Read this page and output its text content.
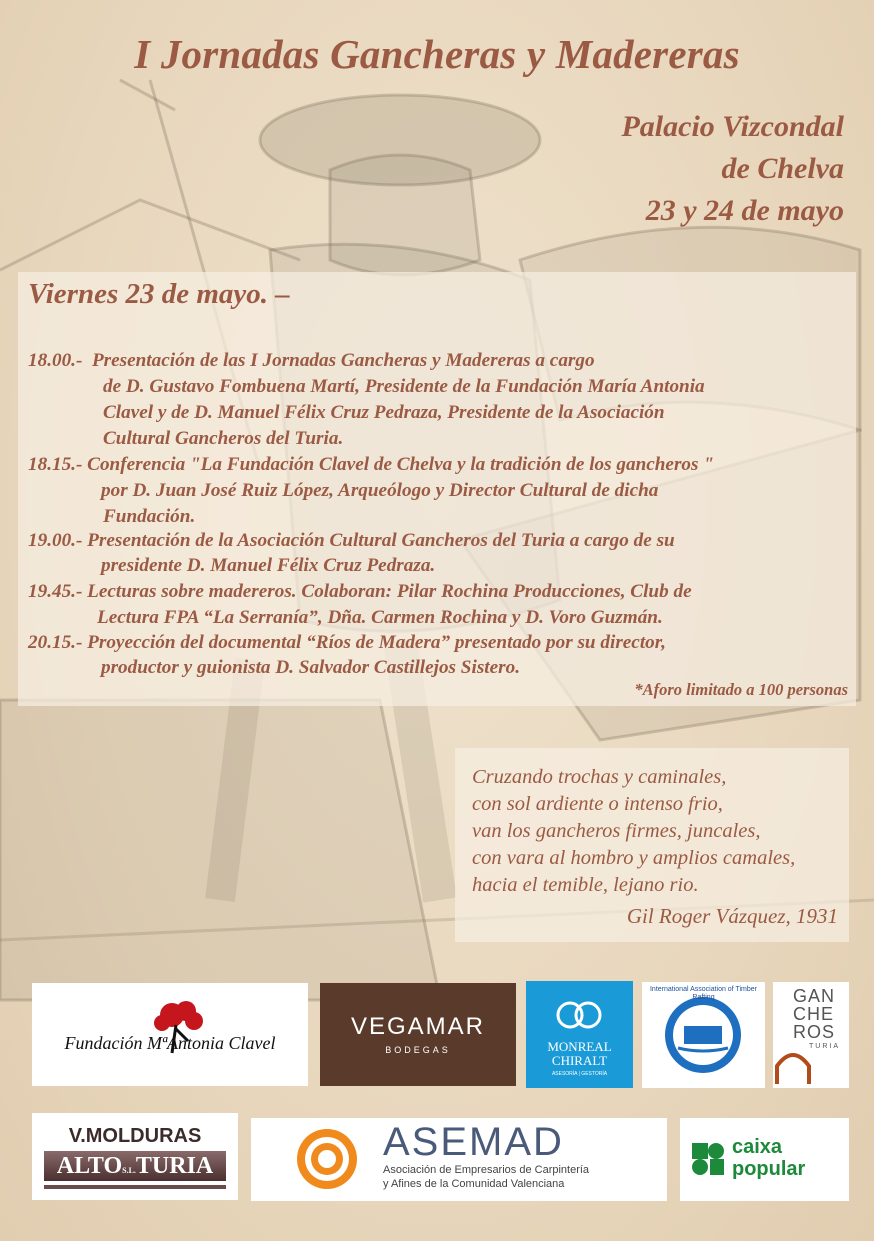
I Jornadas Gancheras y Madereras
Palacio Vizcondal
de Chelva
23 y 24 de mayo
Viernes 23 de mayo. –
18.00.-  Presentación de las I Jornadas Gancheras y Madereras a cargo
de D. Gustavo Fombuena Martí, Presidente de la Fundación María Antonia
Clavel y de D. Manuel Félix Cruz Pedraza, Presidente de la Asociación
Cultural Gancheros del Turia.
18.15.- Conferencia "La Fundación Clavel de Chelva y la tradición de los gancheros "
por D. Juan José Ruiz López, Arqueólogo y Director Cultural de dicha
Fundación.
19.00.- Presentación de la Asociación Cultural Gancheros del Turia a cargo de su
presidente D. Manuel Félix Cruz Pedraza.
19.45.- Lecturas sobre madereros. Colaboran: Pilar Rochina Producciones, Club de
Lectura FPA “La Serranía”, Dña. Carmen Rochina y D. Voro Guzmán.
20.15.- Proyección del documental “Ríos de Madera” presentado por su director,
productor y guionista D. Salvador Castillejos Sistero.
*Aforo limitado a 100 personas
Cruzando trochas y caminales,
con sol ardiente o intenso frio,
van los gancheros firmes, juncales,
con vara al hombro y amplios camales,
hacia el temible, lejano rio.
Gil Roger Vázquez, 1931
Fundación MªAntonia Clavel
VEGAMAR
BODEGAS	MONREAL
CHIRALT
ASESORÍA | GESTORÍA
International Association of Timber Rafting	GAN
CHE
ROS
TURIA
V.MOLDURAS
ALTOS.L.TURIA
ASEMAD
Asociación de Empresarios de Carpintería
y Afines de la Comunidad Valenciana
caixa
popular
